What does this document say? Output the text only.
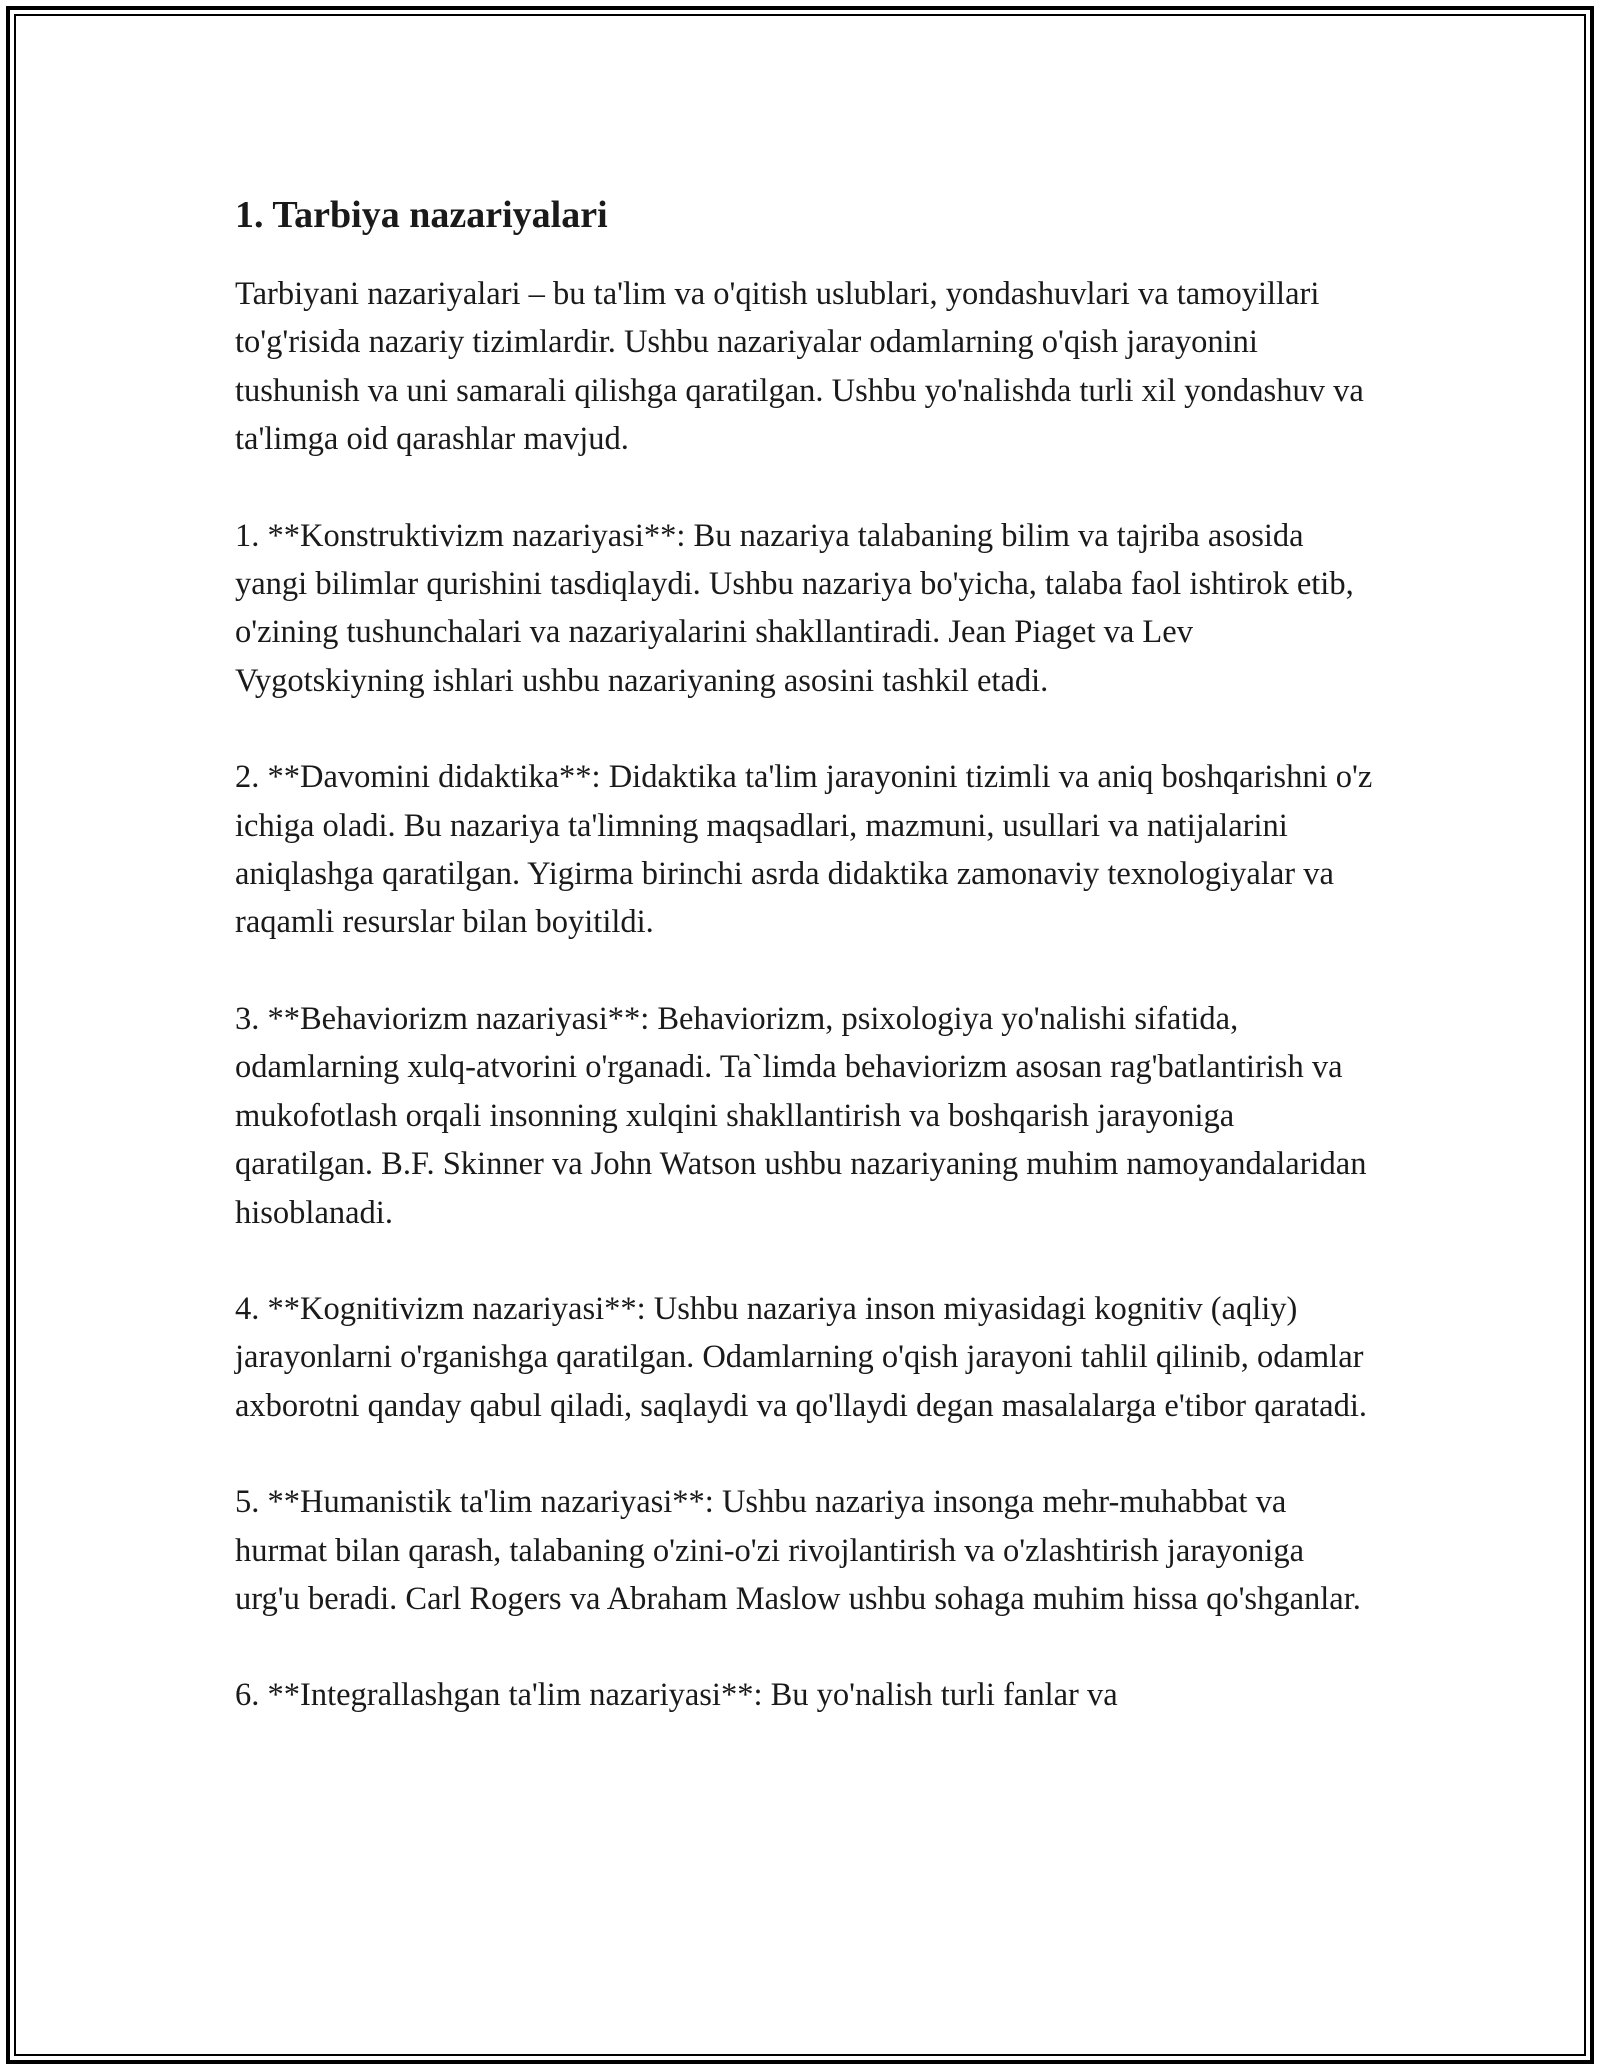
1. Tarbiya nazariyalari

Tarbiyani nazariyalari – bu ta'lim va o'qitish uslublari, yondashuvlari va tamoyillari to'g'risida nazariy tizimlardir. Ushbu nazariyalar odamlarning o'qish jarayonini tushunish va uni samarali qilishga qaratilgan. Ushbu yo'nalishda turli xil yondashuv va ta'limga oid qarashlar mavjud.

1. **Konstruktivizm nazariyasi**: Bu nazariya talabaning bilim va tajriba asosida yangi bilimlar qurishini tasdiqlaydi. Ushbu nazariya bo'yicha, talaba faol ishtirok etib, o'zining tushunchalari va nazariyalarini shakllantiradi. Jean Piaget va Lev Vygotskiyning ishlari ushbu nazariyaning asosini tashkil etadi.

2. **Davomini didaktika**: Didaktika ta'lim jarayonini tizimli va aniq boshqarishni o'z ichiga oladi. Bu nazariya ta'limning maqsadlari, mazmuni, usullari va natijalarini aniqlashga qaratilgan. Yigirma birinchi asrda didaktika zamonaviy texnologiyalar va raqamli resurslar bilan boyitildi.

3. **Behaviorizm nazariyasi**: Behaviorizm, psixologiya yo'nalishi sifatida, odamlarning xulq-atvorini o'rganadi. Ta`limda behaviorizm asosan rag'batlantirish va mukofotlash orqali insonning xulqini shakllantirish va boshqarish jarayoniga qaratilgan. B.F. Skinner va John Watson ushbu nazariyaning muhim namoyandalaridan hisoblanadi.

4. **Kognitivizm nazariyasi**: Ushbu nazariya inson miyasidagi kognitiv (aqliy) jarayonlarni o'rganishga qaratilgan. Odamlarning o'qish jarayoni tahlil qilinib, odamlar axborotni qanday qabul qiladi, saqlaydi va qo'llaydi degan masalalarga e'tibor qaratadi.

5. **Humanistik ta'lim nazariyasi**: Ushbu nazariya insonga mehr-muhabbat va hurmat bilan qarash, talabaning o'zini-o'zi rivojlantirish va o'zlashtirish jarayoniga urg'u beradi. Carl Rogers va Abraham Maslow ushbu sohaga muhim hissa qo'shganlar.

6. **Integrallashgan ta'lim nazariyasi**: Bu yo'nalish turli fanlar va
